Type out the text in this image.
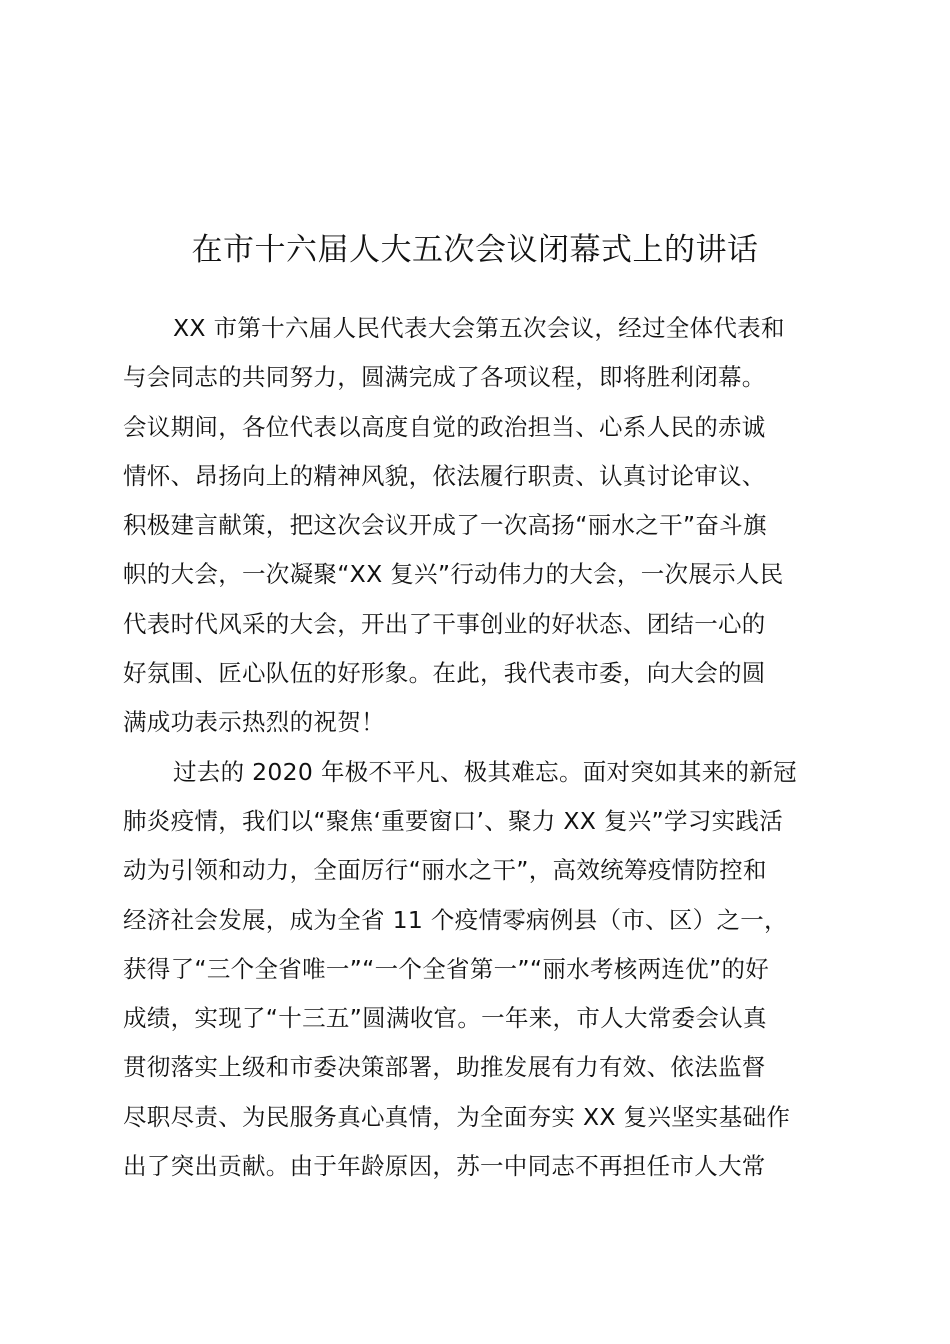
在市十六届人大五次会议闭幕式上的讲话
XX 市第十六届人民代表大会第五次会议，经过全体代表和
与会同志的共同努力，圆满完成了各项议程，即将胜利闭幕。
会议期间，各位代表以高度自觉的政治担当、心系人民的赤诚
情怀、昂扬向上的精神风貌，依法履行职责、认真讨论审议、
积极建言献策，把这次会议开成了一次高扬“丽水之干”奋斗旗
帜的大会，一次凝聚“XX 复兴”行动伟力的大会，一次展示人民
代表时代风采的大会，开出了干事创业的好状态、团结一心的
好氛围、匠心队伍的好形象。在此，我代表市委，向大会的圆
满成功表示热烈的祝贺！
过去的 2020 年极不平凡、极其难忘。面对突如其来的新冠
肺炎疫情，我们以“聚焦‘重要窗口’、聚力 XX 复兴”学习实践活
动为引领和动力，全面厉行“丽水之干”，高效统筹疫情防控和
经济社会发展，成为全省 11 个疫情零病例县（市、区）之一，
获得了“三个全省唯一”“一个全省第一”“丽水考核两连优”的好
成绩，实现了“十三五”圆满收官。一年来，市人大常委会认真
贯彻落实上级和市委决策部署，助推发展有力有效、依法监督
尽职尽责、为民服务真心真情，为全面夯实 XX 复兴坚实基础作
出了突出贡献。由于年龄原因，苏一中同志不再担任市人大常
